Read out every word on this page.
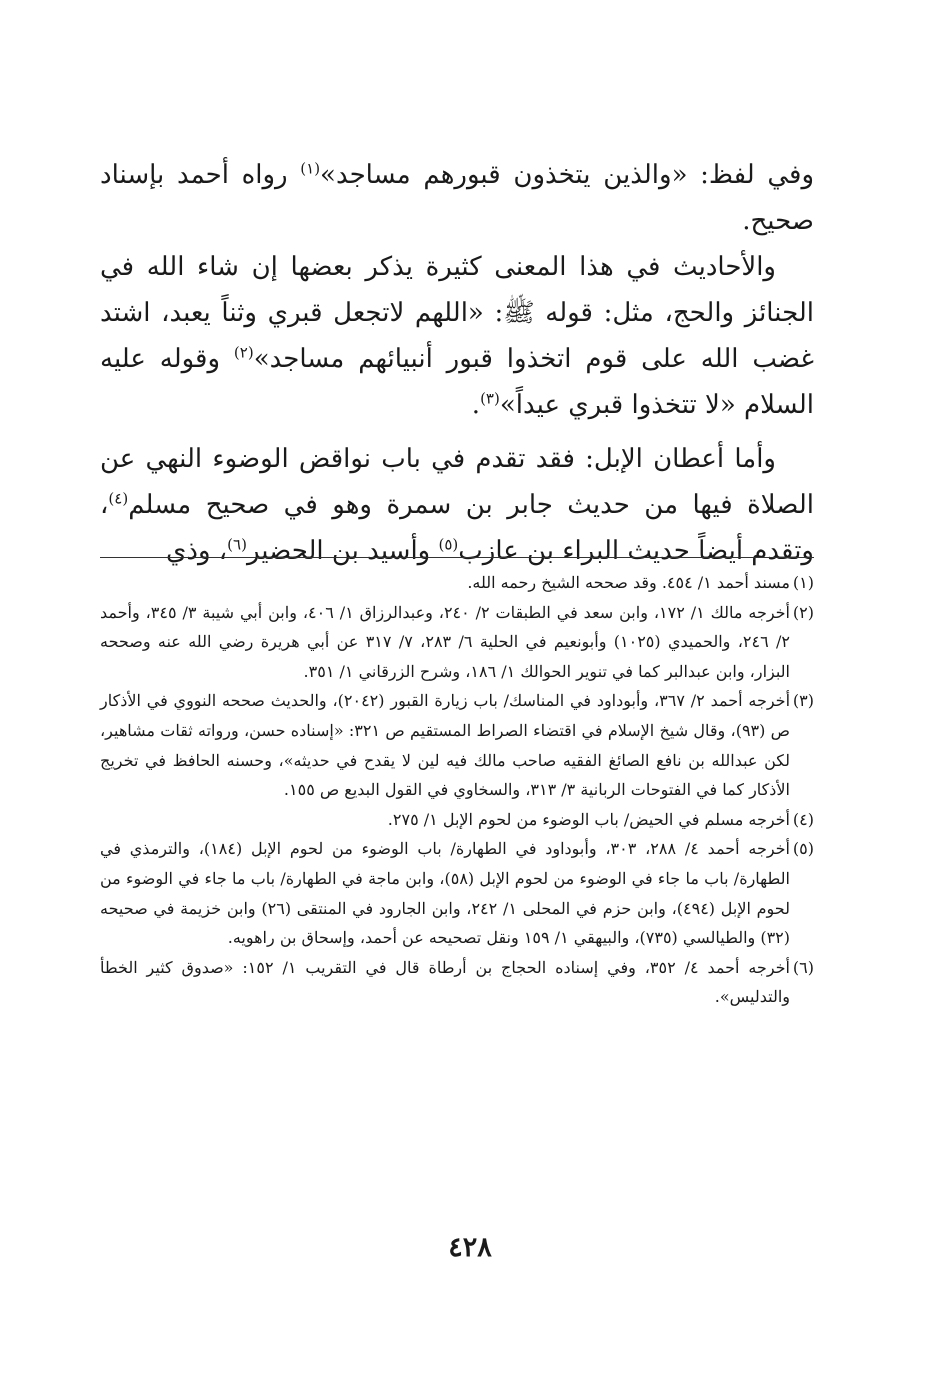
وفي لفظ: «والذين يتخذون قبورهم مساجد»$^{(١)}$ رواه أحمد بإسناد صحيح.

والأحاديث في هذا المعنى كثيرة يذكر بعضها إن شاء الله في الجنائز والحج، مثل: قوله ﷺ: «اللهم لاتجعل قبري وثناً يعبد، اشتد غضب الله على قوم اتخذوا قبور أنبيائهم مساجد»$^{(٢)}$ وقوله عليه السلام «لا تتخذوا قبري عيداً»$^{(٣)}$.

وأما أعطان الإبل: فقد تقدم في باب نواقض الوضوء النهي عن الصلاة فيها من حديث جابر بن سمرة وهو في صحيح مسلم$^{(٤)}$، وتقدم أيضاً حديث البراء بن عازب$^{(٥)}$ وأسيد بن الحضير$^{(٦)}$، وذي

(١)مسند أحمد ١/ ٤٥٤. وقد صححه الشيخ رحمه الله.

(٢)أخرجه مالك ١/ ١٧٢، وابن سعد في الطبقات ٢/ ٢٤٠، وعبدالرزاق ١/ ٤٠٦، وابن أبي شيبة ٣/ ٣٤٥، وأحمد ٢/ ٢٤٦، والحميدي (١٠٢٥) وأبونعيم في الحلية ٦/ ٢٨٣، ٧/ ٣١٧ عن أبي هريرة رضي الله عنه وصححه البزار، وابن عبدالبر كما في تنوير الحوالك ١/ ١٨٦، وشرح الزرقاني ١/ ٣٥١.

(٣)أخرجه أحمد ٢/ ٣٦٧، وأبوداود في المناسك/ باب زيارة القبور (٢٠٤٢)، والحديث صححه النووي في الأذكار ص (٩٣)، وقال شيخ الإسلام في اقتضاء الصراط المستقيم ص ٣٢١: «إسناده حسن، ورواته ثقات مشاهير، لكن عبدالله بن نافع الصائغ الفقيه صاحب مالك فيه لين لا يقدح في حديثه»، وحسنه الحافظ في تخريج الأذكار كما في الفتوحات الربانية ٣/ ٣١٣، والسخاوي في القول البديع ص ١٥٥.

(٤)أخرجه مسلم في الحيض/ باب الوضوء من لحوم الإبل ١/ ٢٧٥.

(٥)أخرجه أحمد ٤/ ٢٨٨، ٣٠٣، وأبوداود في الطهارة/ باب الوضوء من لحوم الإبل (١٨٤)، والترمذي في الطهارة/ باب ما جاء في الوضوء من لحوم الإبل (٥٨)، وابن ماجة في الطهارة/ باب ما جاء في الوضوء من لحوم الإبل (٤٩٤)، وابن حزم في المحلى ١/ ٢٤٢، وابن الجارود في المنتقى (٢٦) وابن خزيمة في صحيحه (٣٢) والطيالسي (٧٣٥)، والبيهقي ١/ ١٥٩ ونقل تصحيحه عن أحمد، وإسحاق بن راهويه.

(٦)أخرجه أحمد ٤/ ٣٥٢، وفي إسناده الحجاج بن أرطاة قال في التقريب ١/ ١٥٢: «صدوق كثير الخطأ والتدليس».

٤٢٨
